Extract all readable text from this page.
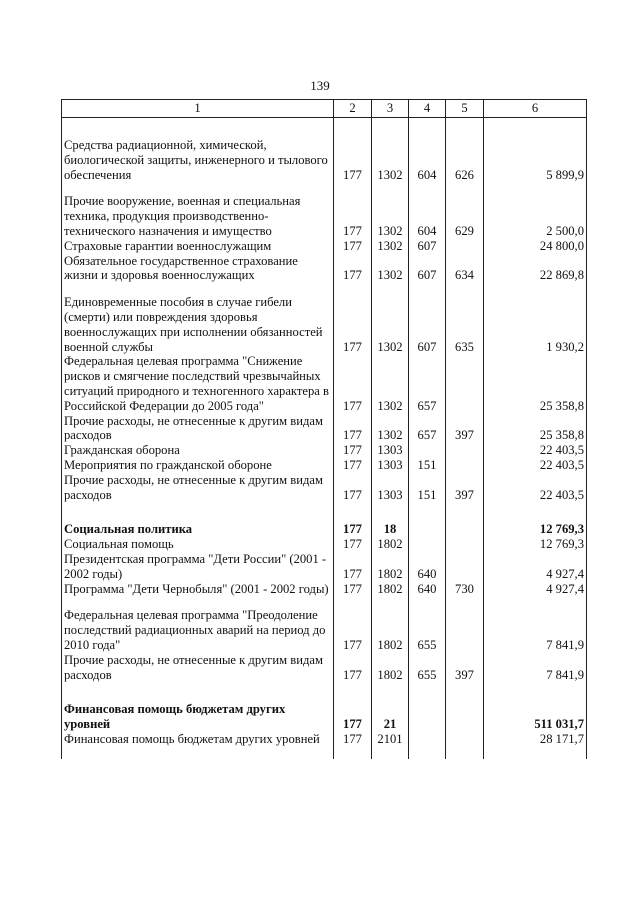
139
1	2	3	4	5	6

Средства радиационной, химической, биологической защиты, инженерного и тылового обеспечения	177	1302	604	626	5 899,9

Прочие вооружение, военная и специальная техника, продукция производственно-технического назначения и имущество	177	1302	604	629	2 500,0
Страховые гарантии военнослужащим	177	1302	607		24 800,0
Обязательное государственное страхование жизни и здоровья военнослужащих	177	1302	607	634	22 869,8

Единовременные пособия в случае гибели (смерти) или повреждения здоровья военнослужащих при исполнении обязанностей военной службы	177	1302	607	635	1 930,2
Федеральная целевая программа "Снижение рисков и смягчение последствий чрезвычайных ситуаций природного и техногенного характера в Российской Федерации до 2005 года"	177	1302	657		25 358,8
Прочие расходы, не отнесенные к другим видам расходов	177	1302	657	397	25 358,8
Гражданская оборона	177	1303			22 403,5
Мероприятия по гражданской обороне	177	1303	151		22 403,5
Прочие расходы, не отнесенные к другим видам расходов	177	1303	151	397	22 403,5

Социальная политика	177	18			12 769,3
Социальная помощь	177	1802			12 769,3
Президентская программа "Дети России" (2001 - 2002 годы)	177	1802	640		4 927,4
Программа "Дети Чернобыля" (2001 - 2002 годы)	177	1802	640	730	4 927,4

Федеральная целевая программа "Преодоление последствий радиационных аварий на период до 2010 года"	177	1802	655		7 841,9
Прочие расходы, не отнесенные к другим видам расходов	177	1802	655	397	7 841,9

Финансовая помощь бюджетам других уровней	177	21			511 031,7
Финансовая помощь бюджетам других уровней	177	2101			28 171,7
